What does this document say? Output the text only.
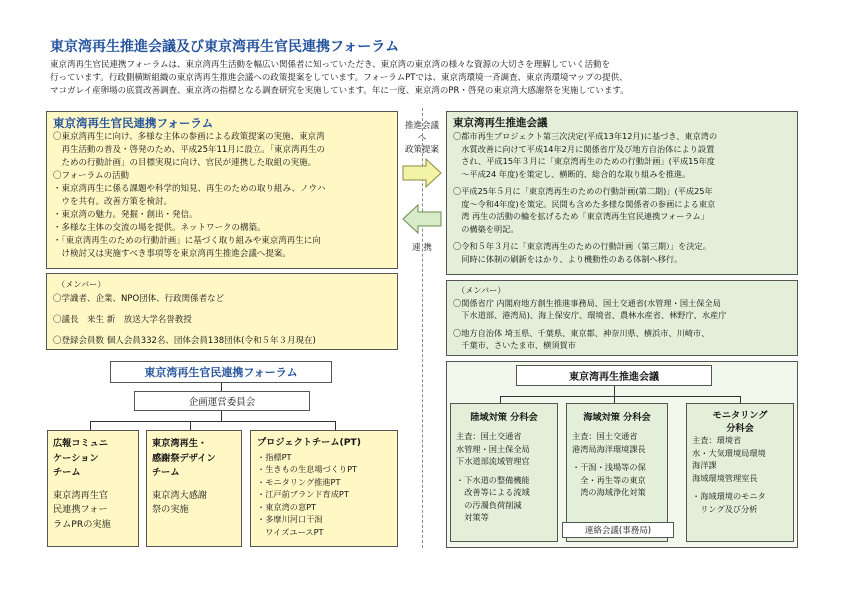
東京湾再生推進会議及び東京湾再生官民連携フォーラム
東京湾再生官民連携フォーラムは、東京湾再生活動を幅広い関係者に知っていただき、東京湾の東京湾の様々な資源の大切さを理解していく活動を
行っています。行政側横断組織の東京湾再生推進会議への政策提案をしています。フォーラムPTでは、東京湾環境一斉調査、東京湾環境マップの提供、
マコガレイ産卵場の底質改善調査、東京湾の指標となる調査研究を実施しています。年に一度、東京湾のPR・啓発の東京湾大感謝祭を実施しています。
東京湾再生官民連携フォーラム
〇東京湾再生に向け、多様な主体の参画による政策提案の実施、東京湾
　再生活動の普及・啓発のため、平成25年11月に設立。「東京湾再生の
　ための行動計画」の目標実現に向け、官民が連携した取組の実施。
〇フォーラムの活動
・東京湾再生に係る課題や科学的知見、再生のための取り組み、ノウハ
　ウを共有。改善方策を検討。
・東京湾の魅力。発掘・創出・発信。
・多様な主体の交流の場を提供。ネットワークの構築。
・「東京湾再生のための行動計画」に基づく取り組みや東京湾再生に向
　け検討又は実施すべき事項等を東京湾再生推進会議へ提案。
（メンバー）
〇学識者、企業、NPO団体、行政関係者など
〇議長　来生 新　放送大学名誉教授
〇登録会員数 個人会員332名、団体会員138団体(令和５年３月現在)
推進会議
へ
政策提案
連 携
東京湾再生推進会議
〇都市再生プロジェクト第三次決定(平成13年12月)に基づき、東京湾の
　水質改善に向けて平成14年2月に関係省庁及び地方自治体により設置
　され、平成15年３月に「東京湾再生のための行動計画」(平成15年度
　～平成24 年度)を策定し、横断的、総合的な取り組みを推進。
〇平成25年５月に「東京湾再生のための行動計画(第二期)」(平成25年
　度～令和4年度)を策定。民間も含めた多様な関係者の参画による東京
　湾 再生の活動の輪を拡げるため「東京湾再生官民連携フォーラム」
　の構築を明記。
〇令和５年３月に「東京湾再生のための行動計画（第三期）」を決定。
　同時に体制の刷新をはかり、より機動性のある体制へ移行。
（メンバー）
〇関係省庁 内閣府地方創生推進事務局、国土交通省(水管理・国土保全局
　下水道部、港湾局)、海上保安庁、環境省、農林水産省、林野庁、水産庁
〇地方自治体 埼玉県、千葉県、東京都、神奈川県、横浜市、川崎市、
　千葉市、さいたま市、横須賀市
東京湾再生官民連携フォーラム
企画運営委員会
広報コミュニ
ケーション
チーム
東京湾再生官
民連携フォー
ラムPRの実施
東京湾再生・
感謝祭デザイン
チーム
東京湾大感謝
祭の実施
プロジェクトチーム(PT)
・指標PT
・生きもの生息場づくりPT
・モニタリング推進PT
・江戸前ブランド育成PT
・東京湾の窓PT
・多摩川河口干潟
　ワイズユースPT
東京湾再生推進会議
陸域対策 分科会
主査：国土交通省
水管理・国土保全局
下水道部流域管理官
・下水道の整備機能
　改善等による流域
　の汚濁負荷削減
　対策等
海域対策 分科会
主査：国土交通省
港湾局海洋環境課長
・干潟・浅場等の保
　全・再生等の東京
　湾の海域浄化対策
モニタリング
分科会
主査：環境省
水・大気環境局環境
海洋課
海域環境管理室長
・海域環境のモニタ
　リング及び分析
連絡会議(事務局)
